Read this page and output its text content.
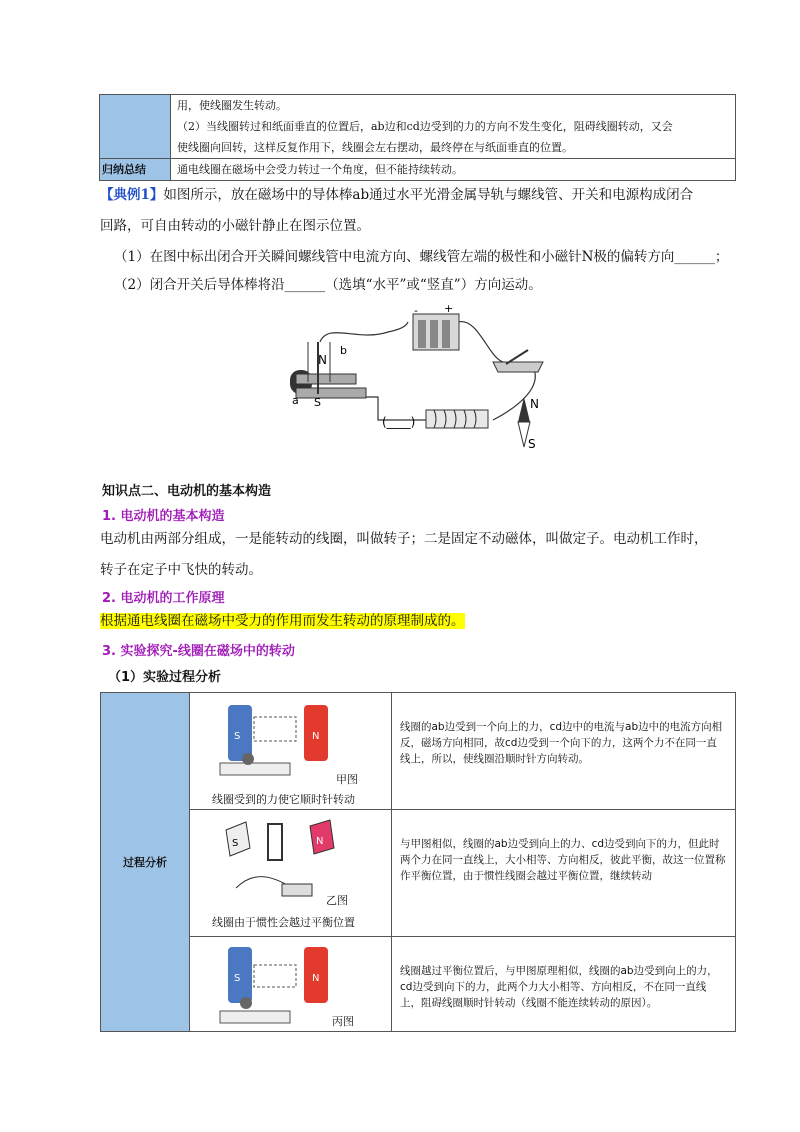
	用，使线圈发生转动。
（2）当线圈转过和纸面垂直的位置后，ab边和cd边受到的力的方向不发生变化，阻碍线圈转动，又会
使线圈向回转，这样反复作用下，线圈会左右摆动，最终停在与纸面垂直的位置。

归纳总结	通电线圈在磁场中会受力转过一个角度，但不能持续转动。
【典例1】如图所示，放在磁场中的导体棒ab通过水平光滑金属导轨与螺线管、开关和电源构成闭合
回路，可自由转动的小磁针静止在图示位置。
（1）在图中标出闭合开关瞬间螺线管中电流方向、螺线管左端的极性和小磁针N极的偏转方向______；
（2）闭合开关后导体棒将沿______（选填“水平”或“竖直”）方向运动。
- +
N
b
a S
(____)
N
S
知识点二、电动机的基本构造
1. 电动机的基本构造
电动机由两部分组成，一是能转动的线圈，叫做转子；二是固定不动磁体，叫做定子。电动机工作时，
转子在定子中飞快的转动。
2. 电动机的工作原理
根据通电线圈在磁场中受力的作用而发生转动的原理制成的。
3. 实验探究-线圈在磁场中的转动
（1）实验过程分析
过程分析	S N
甲图
线圈受到的力使它顺时针转动	线圈的ab边受到一个向上的力，cd边中的电流与ab边中的电流方向相反，磁场方向相同，故cd边受到一个向下的力，这两个力不在同一直线上，所以，使线圈沿顺时针方向转动。

S N
乙图
线圈由于惯性会越过平衡位置	与甲图相似，线圈的ab边受到向上的力、cd边受到向下的力，但此时两个力在同一直线上，大小相等、方向相反，彼此平衡，故这一位置称作平衡位置，由于惯性线圈会越过平衡位置，继续转动

S N
丙图	线圈越过平衡位置后，与甲图原理相似，线圈的ab边受到向上的力，cd边受到向下的力，此两个力大小相等、方向相反，不在同一直线上，阻碍线圈顺时针转动（线圈不能连续转动的原因）。
